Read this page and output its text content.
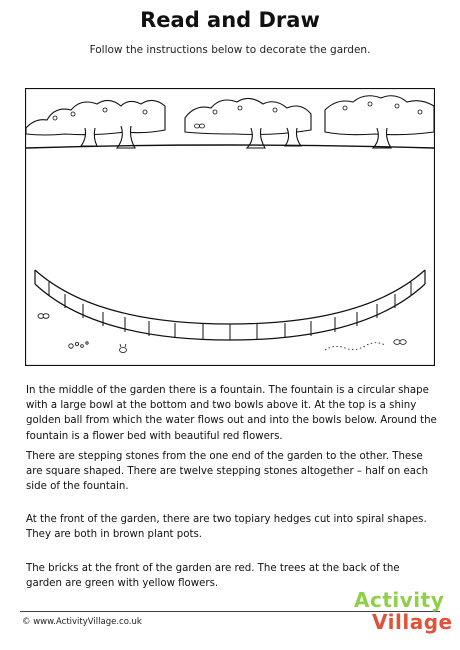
Read and Draw
Follow the instructions below to decorate the garden.

In the middle of the garden there is a fountain. The fountain is a circular shape with a large bowl at the bottom and two bowls above it. At the top is a shiny golden ball from which the water flows out and into the bowls below. Around the fountain is a flower bed with beautiful red flowers.

There are stepping stones from the one end of the garden to the other. These are square shaped. There are twelve stepping stones altogether – half on each side of the fountain.

At the front of the garden, there are two topiary hedges cut into spiral shapes. They are both in brown plant pots.

The bricks at the front of the garden are red. The trees at the back of the garden are green with yellow flowers.

© www.ActivityVillage.co.uk
Activity
Village
